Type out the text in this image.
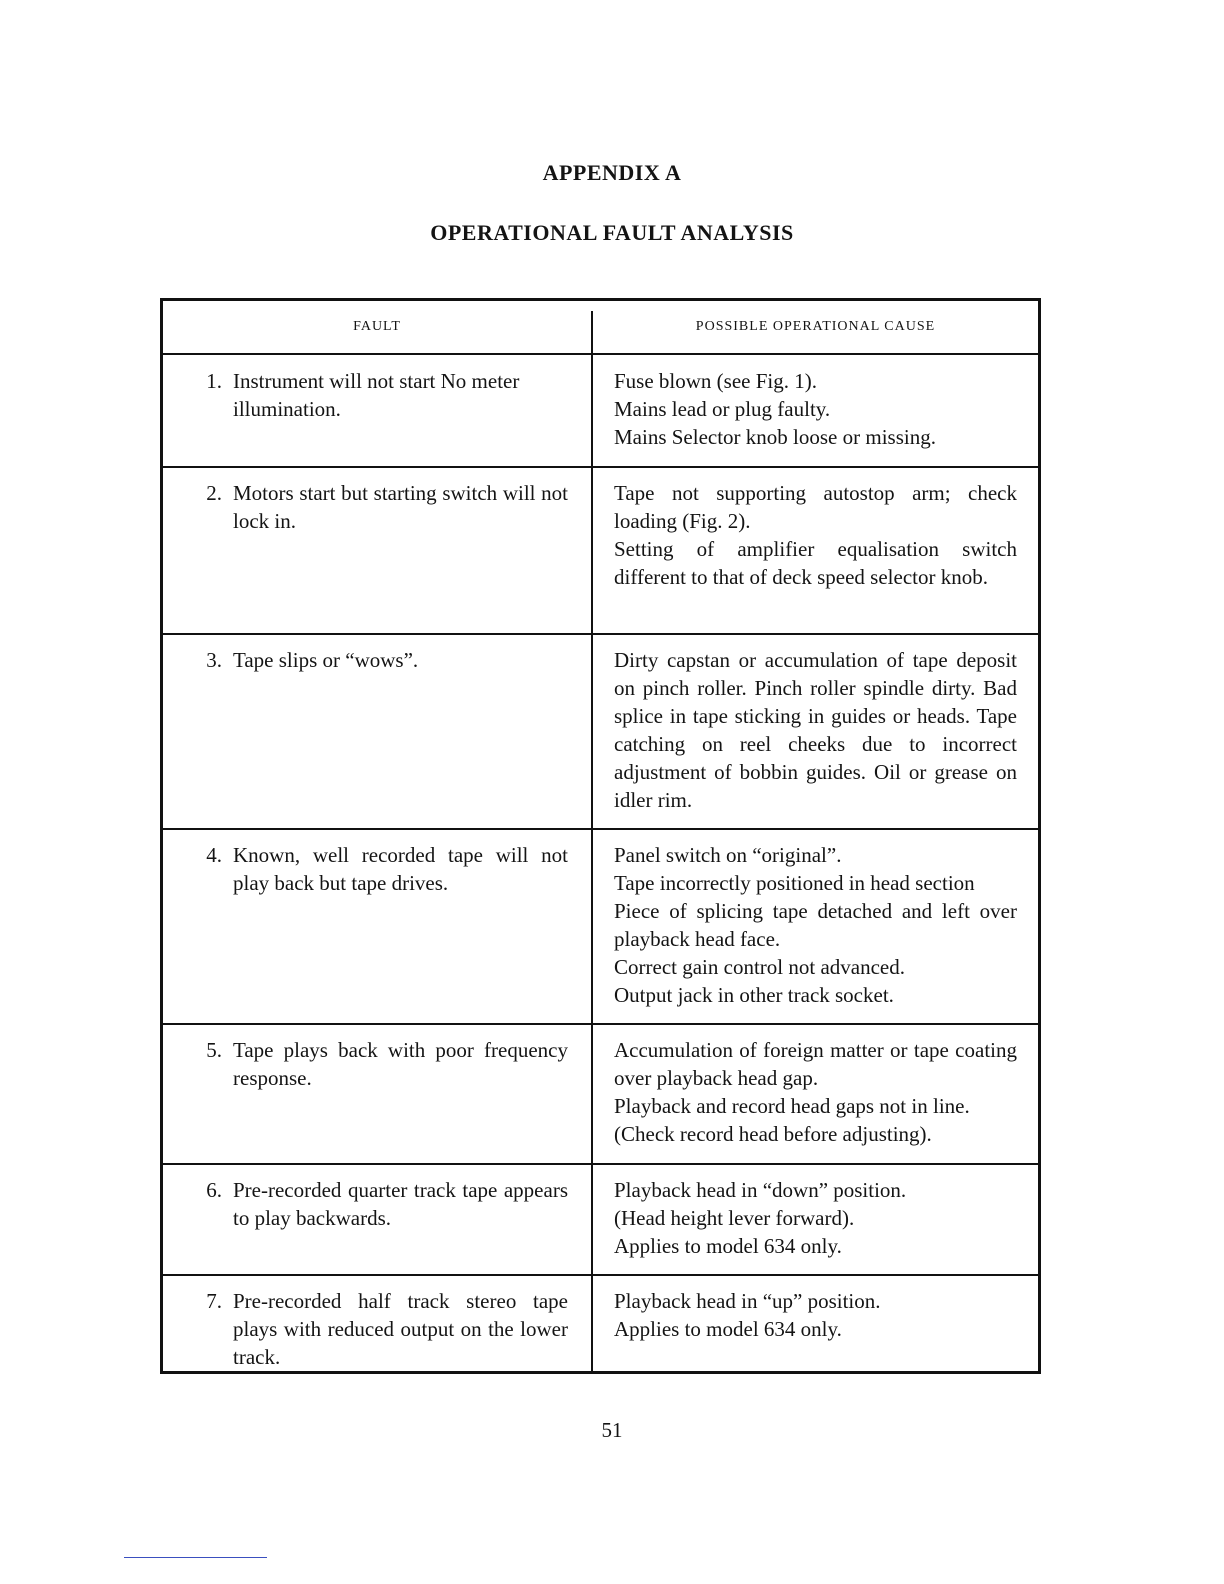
APPENDIX A
OPERATIONAL FAULT ANALYSIS
FAULT	POSSIBLE OPERATIONAL CAUSE
1. Instrument will not start No meter illumination.

Fuse blown (see Fig. 1).

Mains lead or plug faulty.

Mains Selector knob loose or missing.

2. Motors start but starting switch will not lock in.

Tape not supporting autostop arm; check loading (Fig. 2).

Setting of amplifier equalisation switch different to that of deck speed selector knob.

3. Tape slips or “wows”.	Dirty capstan or accumulation of tape deposit on pinch roller. Pinch roller spindle dirty. Bad splice in tape sticking in guides or heads. Tape catching on reel cheeks due to incorrect adjustment of bobbin guides. Oil or grease on idler rim.

4. Known, well recorded tape will not play back but tape drives.

Panel switch on “original”.

Tape incorrectly positioned in head section

Piece of splicing tape detached and left over playback head face.

Correct gain control not advanced.

Output jack in other track socket.

5. Tape plays back with poor frequency response.

Accumulation of foreign matter or tape coating over playback head gap.

Playback and record head gaps not in line.

(Check record head before adjusting).

6. Pre-recorded quarter track tape appears to play backwards.

Playback head in “down” position.

(Head height lever forward).

Applies to model 634 only.

7. Pre-recorded half track stereo tape plays with reduced output on the lower track.

Playback head in “up” position.

Applies to model 634 only.

51
